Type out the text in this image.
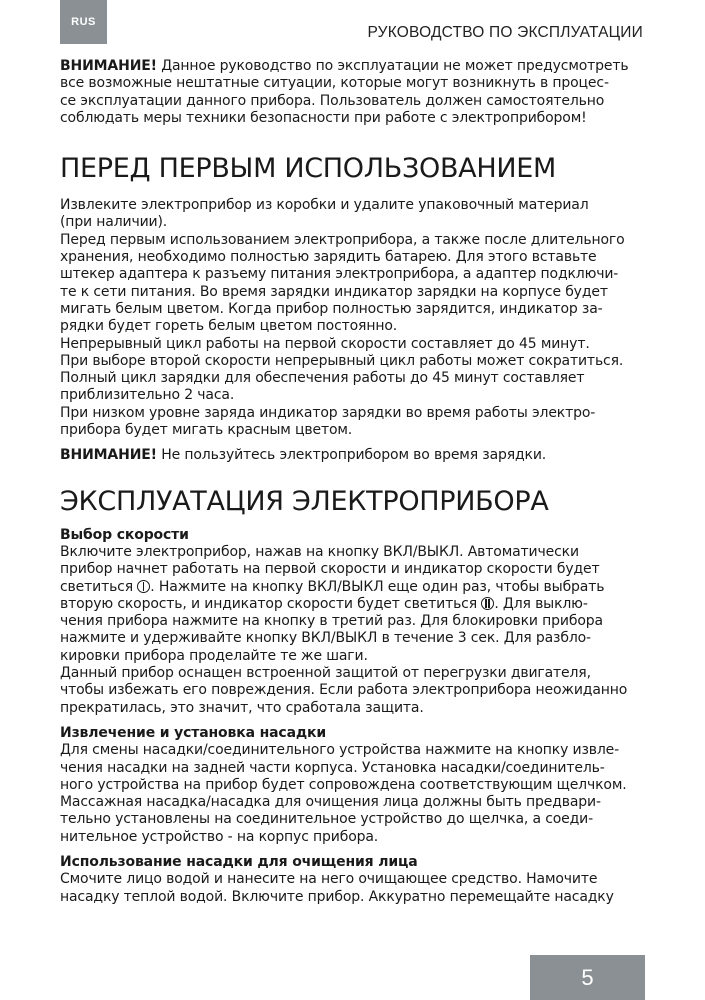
RUS
РУКОВОДСТВО ПО ЭКСПЛУАТАЦИИ

ВНИМАНИЕ! Данное руководство по эксплуатации не может предусмотреть

все возможные нештатные ситуации, которые могут возникнуть в процес-

се эксплуатации данного прибора. Пользователь должен самостоятельно

соблюдать меры техники безопасности при работе с электроприбором!

ПЕРЕД ПЕРВЫМ ИСПОЛЬЗОВАНИЕМ

Извлеките электроприбор из коробки и удалите упаковочный материал

(при наличии).

Перед первым использованием электроприбора, а также после длительного

хранения, необходимо полностью зарядить батарею. Для этого вставьте

штекер адаптера к разъему питания электроприбора, а адаптер подключи-

те к сети питания. Во время зарядки индикатор зарядки на корпусе будет

мигать белым цветом. Когда прибор полностью зарядится, индикатор за-

рядки будет гореть белым цветом постоянно.

Непрерывный цикл работы на первой скорости составляет до 45 минут.

При выборе второй скорости непрерывный цикл работы может сократиться.

Полный цикл зарядки для обеспечения работы до 45 минут составляет

приблизительно 2 часа.

При низком уровне заряда индикатор зарядки во время работы электро-

прибора будет мигать красным цветом.

ВНИМАНИЕ! Не пользуйтесь электроприбором во время зарядки.

ЭКСПЛУАТАЦИЯ ЭЛЕКТРОПРИБОРА

Выбор скорости

Включите электроприбор, нажав на кнопку ВКЛ/ВЫКЛ. Автоматически

прибор начнет работать на первой скорости и индикатор скорости будет

светиться
. Нажмите на кнопку ВКЛ/ВЫКЛ еще один раз, чтобы выбрать

вторую скорость, и индикатор скорости будет светиться
. Для выклю-

чения прибора нажмите на кнопку в третий раз. Для блокировки прибора

нажмите и удерживайте кнопку ВКЛ/ВЫКЛ в течение 3 сек. Для разбло-

кировки прибора проделайте те же шаги.

Данный прибор оснащен встроенной защитой от перегрузки двигателя,

чтобы избежать его повреждения. Если работа электроприбора неожиданно

прекратилась, это значит, что сработала защита.

Извлечение и установка насадки

Для смены насадки/соединительного устройства нажмите на кнопку извле-

чения насадки на задней части корпуса. Установка насадки/соединитель-

ного устройства на прибор будет сопровождена соответствующим щелчком.

Массажная насадка/насадка для очищения лица должны быть предвари-

тельно установлены на соединительное устройство до щелчка, а соеди-

нительное устройство - на корпус прибора.

Использование насадки для очищения лица

Смочите лицо водой и нанесите на него очищающее средство. Намочите

насадку теплой водой. Включите прибор. Аккуратно перемещайте насадку

5
